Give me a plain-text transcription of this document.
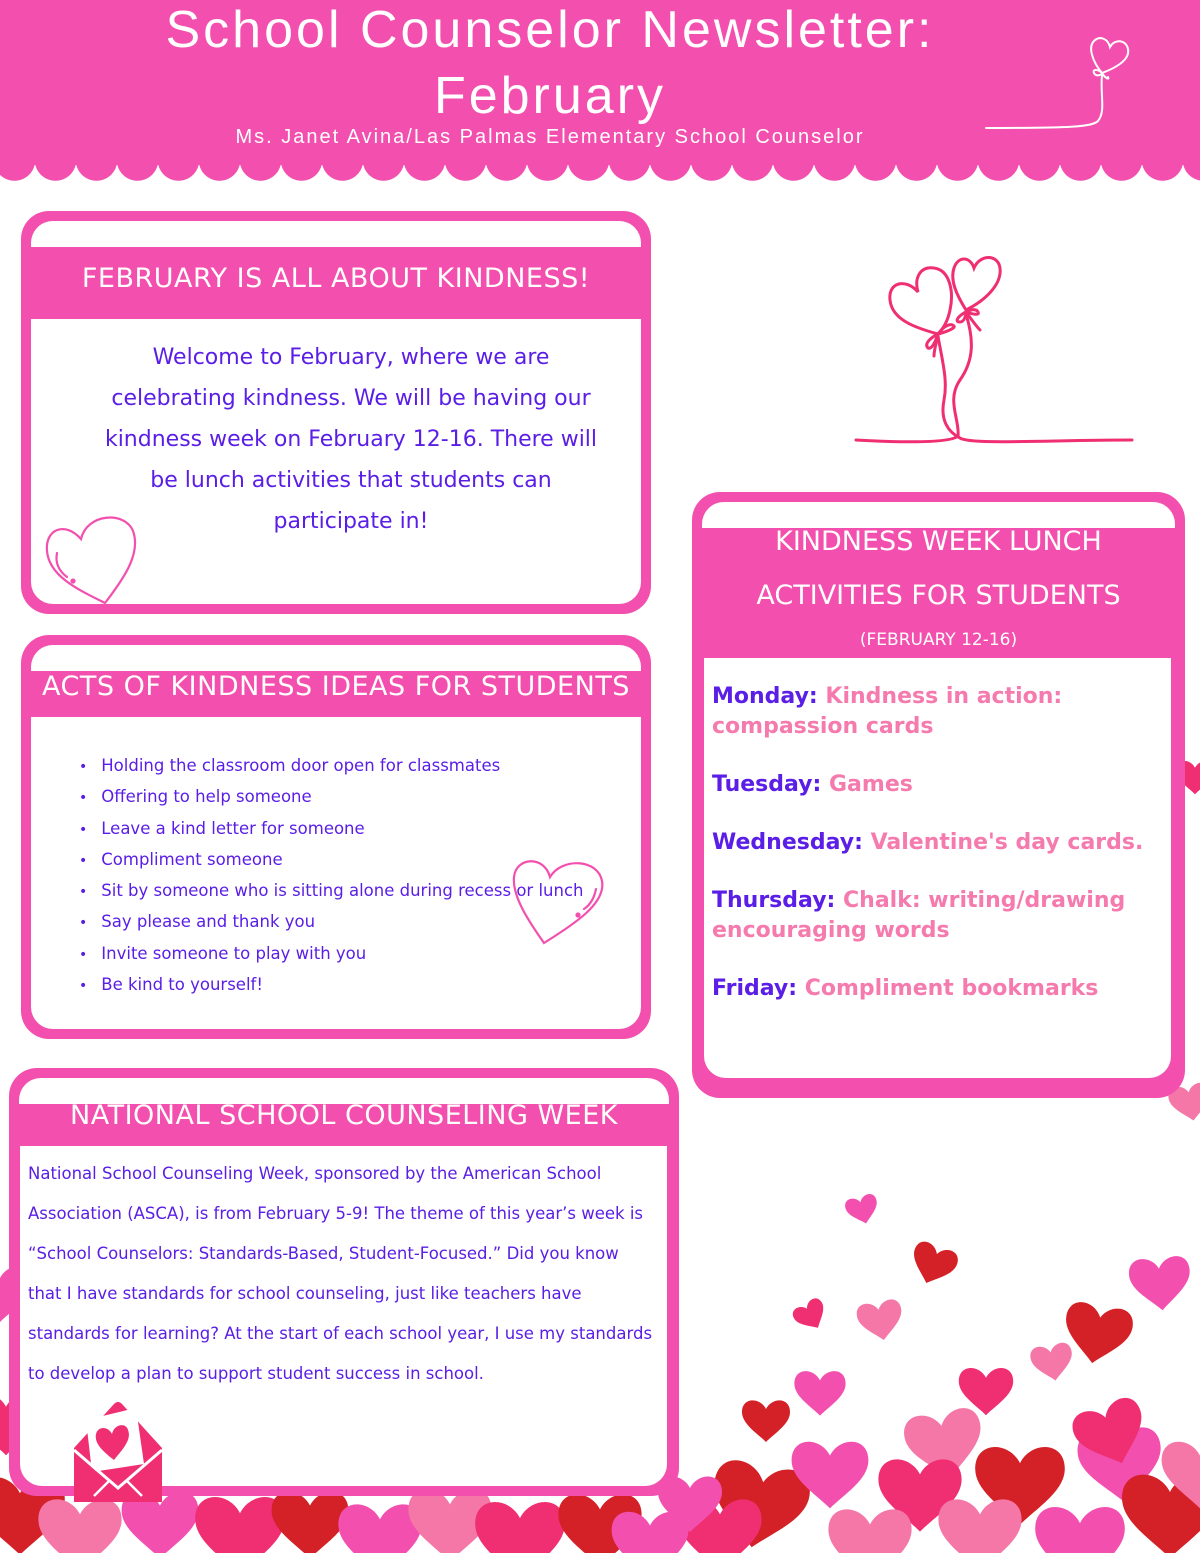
School Counselor Newsletter:
February
Ms. Janet Avina/Las Palmas Elementary School Counselor
FEBRUARY IS ALL ABOUT KINDNESS!

Welcome to February, where we are celebrating kindness. We will be having our kindness week on February 12-16. There will be lunch activities that students can participate in!

ACTS OF KINDNESS IDEAS FOR STUDENTS
• Holding the classroom door open for classmates
• Offering to help someone
• Leave a kind letter for someone
• Compliment someone
• Sit by someone who is sitting alone during recess or lunch
• Say please and thank you
• Invite someone to play with you
• Be kind to yourself!
NATIONAL SCHOOL COUNSELING WEEK

National School Counseling Week, sponsored by the American School Association (ASCA), is from February 5-9! The theme of this year’s week is “School Counselors: Standards-Based, Student-Focused.” Did you know that I have standards for school counseling, just like teachers have standards for learning? At the start of each school year, I use my standards to develop a plan to support student success in school.

KINDNESS WEEK LUNCH
ACTIVITIES FOR STUDENTS
(FEBRUARY 12-16)
Monday: Kindness in action: compassion cards
Tuesday: Games
Wednesday: Valentine's day cards.
Thursday: Chalk: writing/drawing encouraging words
Friday: Compliment bookmarks
